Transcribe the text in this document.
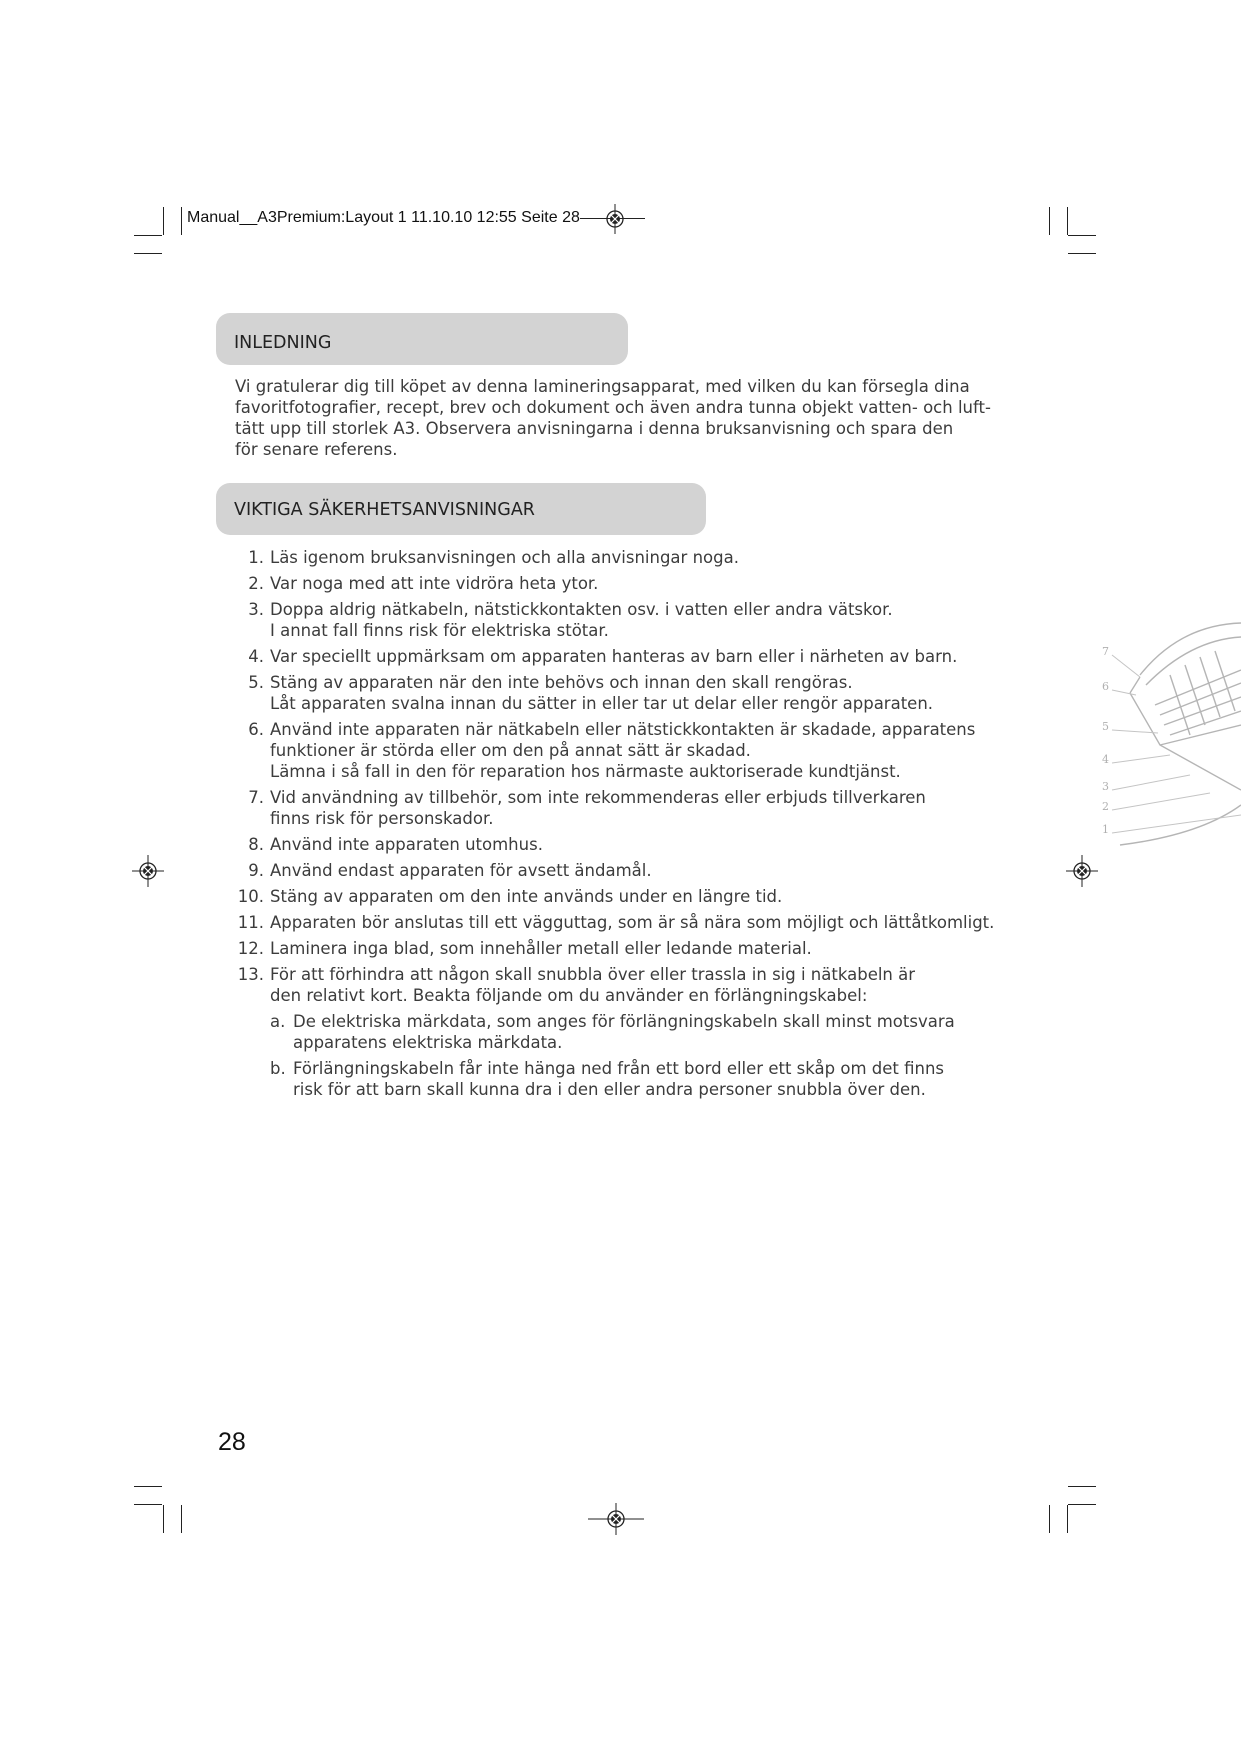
Manual__A3Premium:Layout 1 11.10.10 12:55 Seite 28
INLEDNING
Vi gratulerar dig till köpet av denna lamineringsapparat, med vilken du kan försegla dina
favoritfotografier, recept, brev och dokument och även andra tunna objekt vatten- och luft-
tätt upp till storlek A3. Observera anvisningarna i denna bruksanvisning och spara den
för senare referens.
VIKTIGA SÄKERHETSANVISNINGAR
1. Läs igenom bruksanvisningen och alla anvisningar noga.
2. Var noga med att inte vidröra heta ytor.
3. Doppa aldrig nätkabeln, nätstickkontakten osv. i vatten eller andra vätskor.
I annat fall finns risk för elektriska stötar.
4. Var speciellt uppmärksam om apparaten hanteras av barn eller i närheten av barn.
5. Stäng av apparaten när den inte behövs och innan den skall rengöras.
Låt apparaten svalna innan du sätter in eller tar ut delar eller rengör apparaten.
6. Använd inte apparaten när nätkabeln eller nätstickkontakten är skadade, apparatens
funktioner är störda eller om den på annat sätt är skadad.
Lämna i så fall in den för reparation hos närmaste auktoriserade kundtjänst.
7. Vid användning av tillbehör, som inte rekommenderas eller erbjuds tillverkaren
finns risk för personskador.
8. Använd inte apparaten utomhus.
9. Använd endast apparaten för avsett ändamål.
10. Stäng av apparaten om den inte används under en längre tid.
11. Apparaten bör anslutas till ett vägguttag, som är så nära som möjligt och lättåtkomligt.
12. Laminera inga blad, som innehåller metall eller ledande material.
13. För att förhindra att någon skall snubbla över eller trassla in sig i nätkabeln är
den relativt kort. Beakta följande om du använder en förlängningskabel:
a. De elektriska märkdata, som anges för förlängningskabeln skall minst motsvara
apparatens elektriska märkdata.
b. Förlängningskabeln får inte hänga ned från ett bord eller ett skåp om det finns
risk för att barn skall kunna dra i den eller andra personer snubbla över den.
7
6
5
4
3
2
1
28
